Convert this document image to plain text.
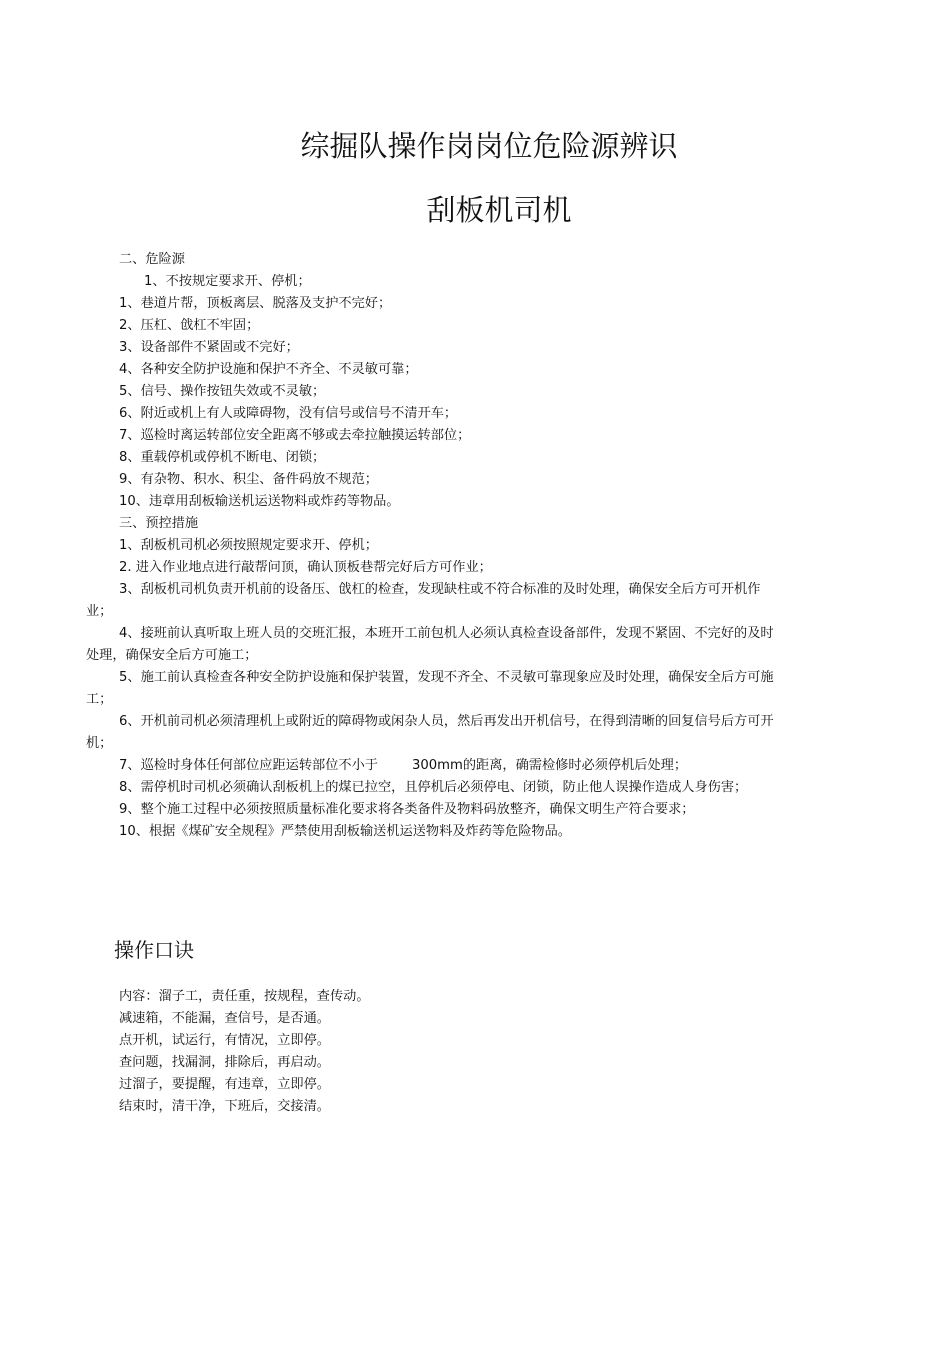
综掘队操作岗岗位危险源辨识
刮板机司机
二、危险源
1、不按规定要求开、停机；
1、巷道片帮，顶板离层、脱落及支护不完好；
2、压杠、戗杠不牢固；
3、设备部件不紧固或不完好；
4、各种安全防护设施和保护不齐全、不灵敏可靠；
5、信号、操作按钮失效或不灵敏；
6、附近或机上有人或障碍物，没有信号或信号不清开车；
7、巡检时离运转部位安全距离不够或去牵拉触摸运转部位；
8、重载停机或停机不断电、闭锁；
9、有杂物、积水、积尘、备件码放不规范；
10、违章用刮板输送机运送物料或炸药等物品。
三、预控措施
1、刮板机司机必须按照规定要求开、停机；
2. 进入作业地点进行敲帮问顶，确认顶板巷帮完好后方可作业；
3、刮板机司机负责开机前的设备压、戗杠的检查，发现缺柱或不符合标准的及时处理，确保安全后方可开机作业；
4、接班前认真听取上班人员的交班汇报，本班开工前包机人必须认真检查设备部件，发现不紧固、不完好的及时处理，确保安全后方可施工；
5、施工前认真检查各种安全防护设施和保护装置，发现不齐全、不灵敏可靠现象应及时处理，确保安全后方可施工；
6、开机前司机必须清理机上或附近的障碍物或闲杂人员，然后再发出开机信号，在得到清晰的回复信号后方可开机；
7、巡检时身体任何部位应距运转部位不小于	300mm的距离，确需检修时必须停机后处理；
8、需停机时司机必须确认刮板机上的煤已拉空，且停机后必须停电、闭锁，防止他人误操作造成人身伤害；
9、整个施工过程中必须按照质量标准化要求将各类备件及物料码放整齐，确保文明生产符合要求；
10、根据《煤矿安全规程》严禁使用刮板输送机运送物料及炸药等危险物品。
操作口诀
内容：溜子工，责任重，按规程，查传动。
减速箱，不能漏，查信号，是否通。
点开机，试运行，有情况，立即停。
查问题，找漏洞，排除后，再启动。
过溜子，要提醒，有违章，立即停。
结束时，清干净，下班后，交接清。
